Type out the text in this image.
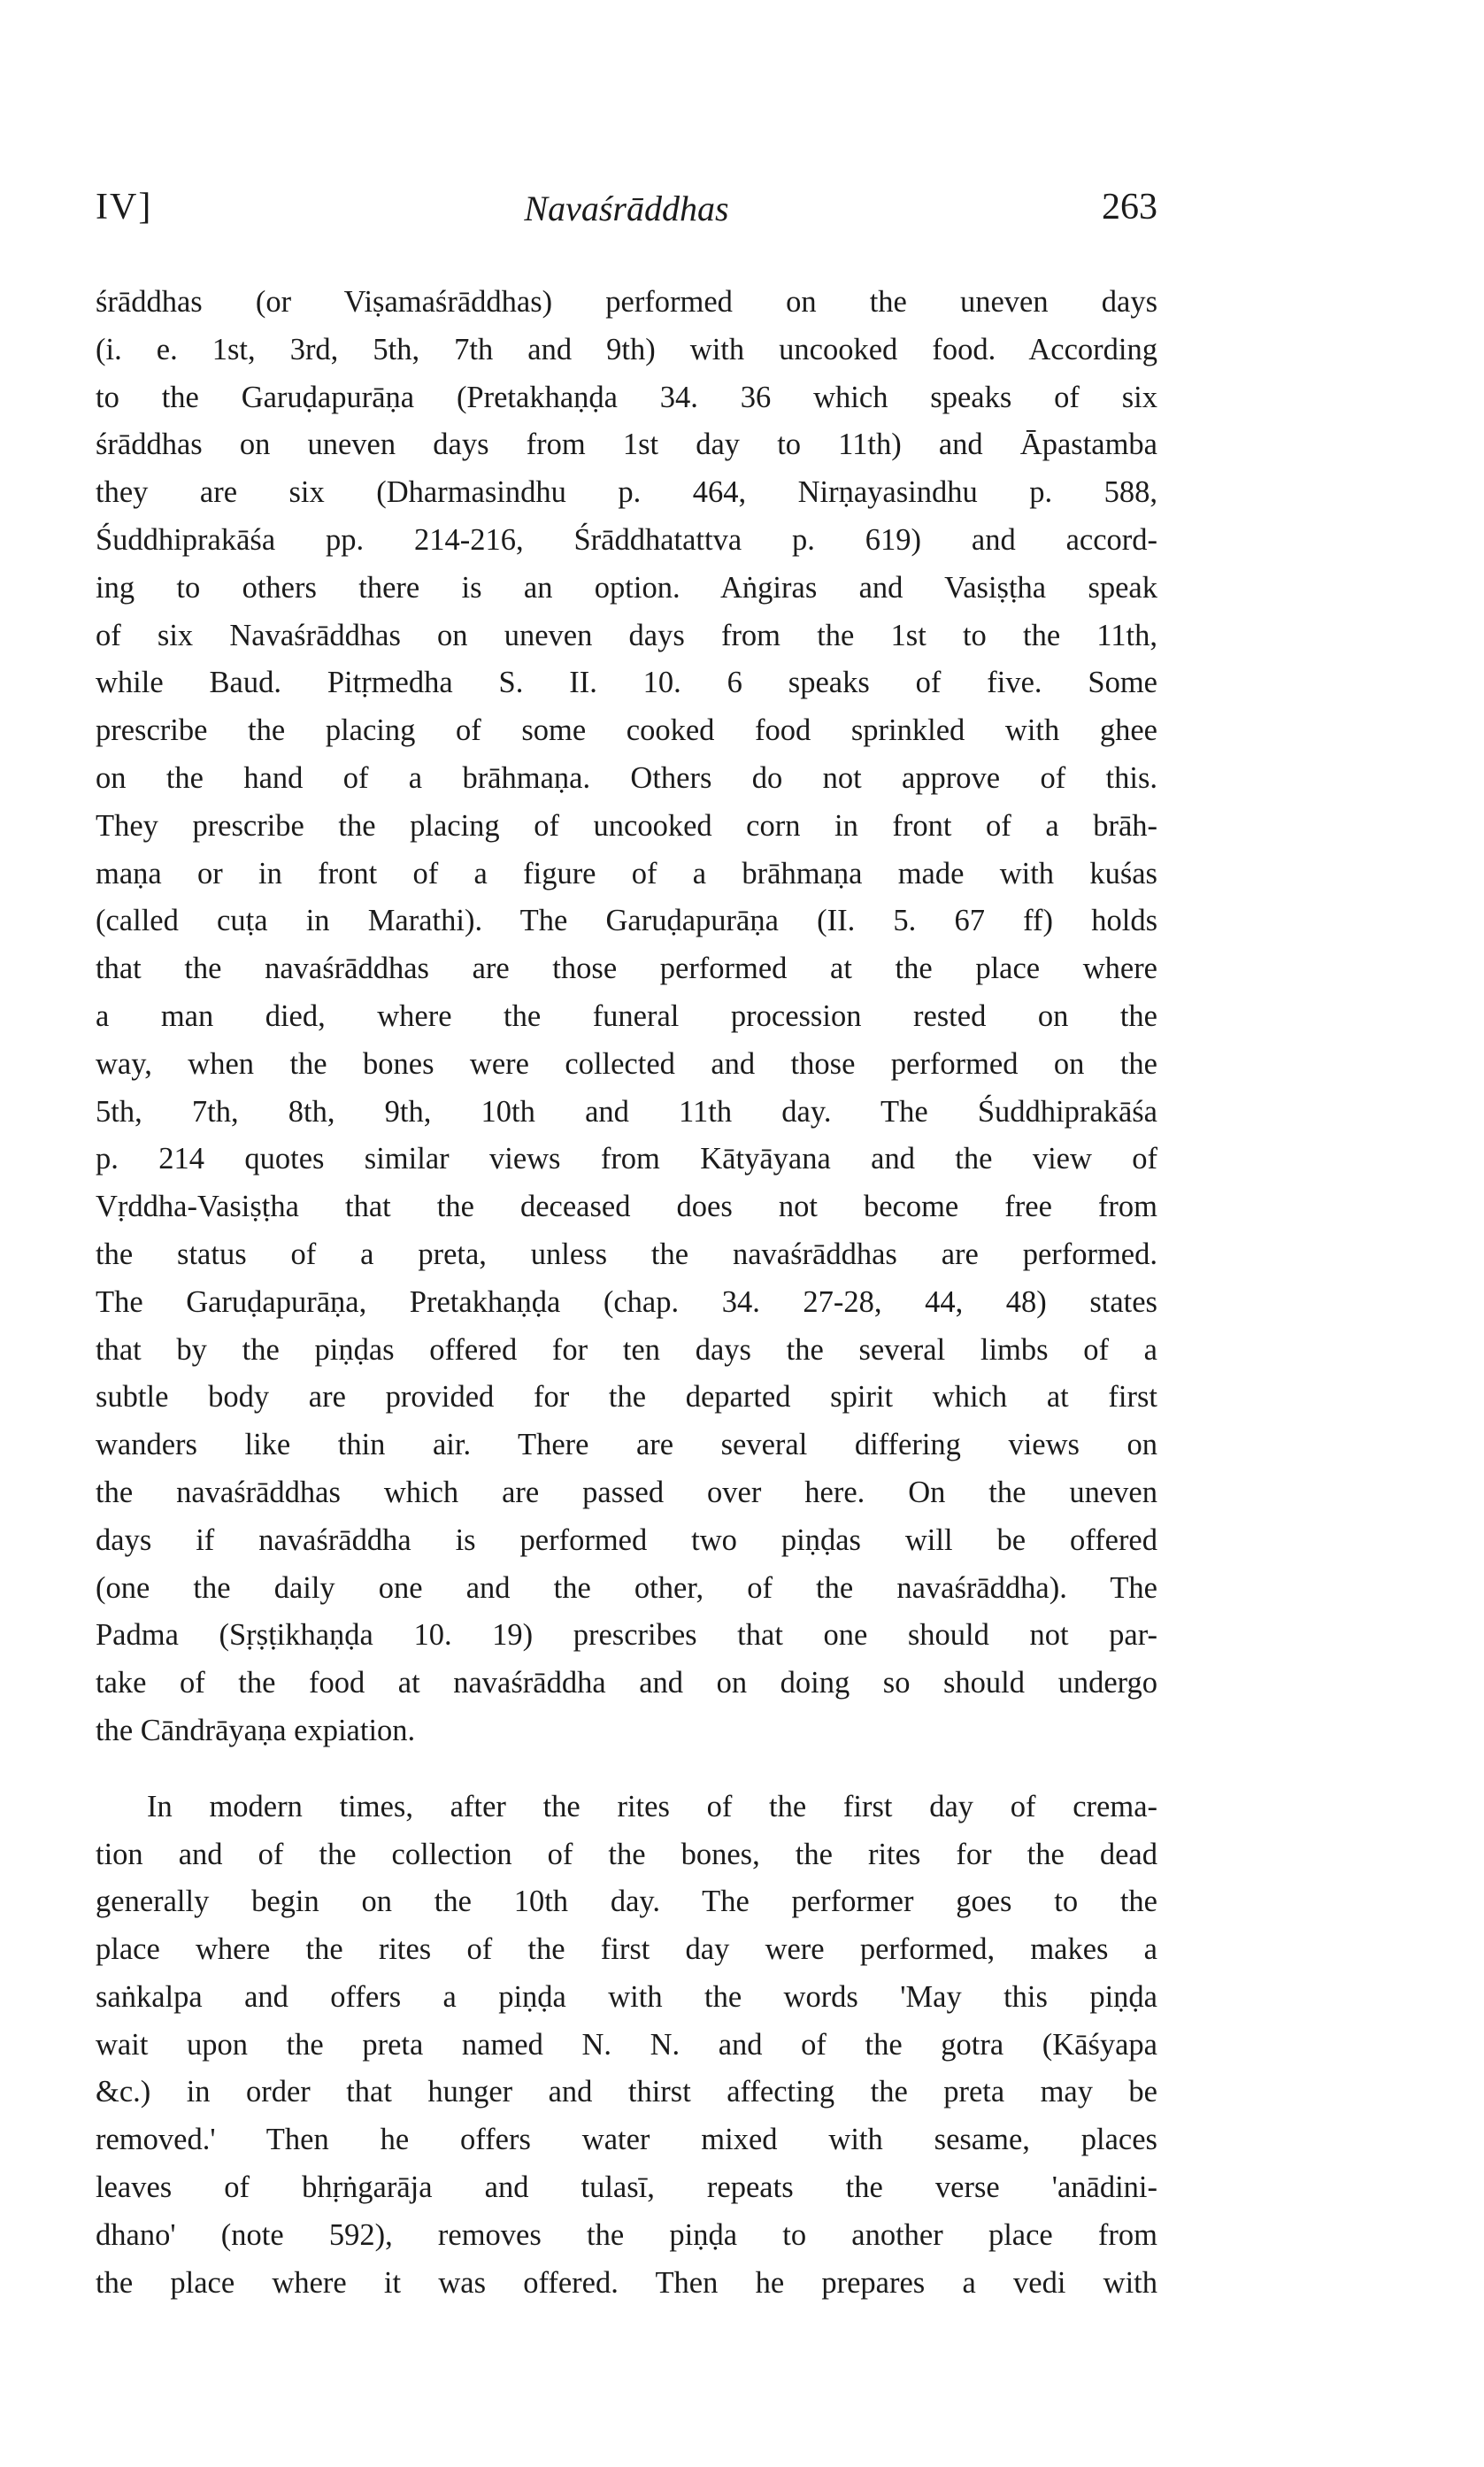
IV]	Navaśrāddhas	263
śrāddhas (or Viṣamaśrāddhas) performed on the uneven days
(i. e. 1st, 3rd, 5th, 7th and 9th) with uncooked food. According
to the Garuḍapurāṇa (Pretakhaṇḍa 34. 36 which speaks of six
śrāddhas on uneven days from 1st day to 11th) and Āpastamba
they are six (Dharmasindhu p. 464, Nirṇayasindhu p. 588,
Śuddhiprakāśa pp. 214-216, Śrāddhatattva p. 619) and accord-
ing to others there is an option. Aṅgiras and Vasiṣṭha speak
of six Navaśrāddhas on uneven days from the 1st to the 11th,
while Baud. Pitṛmedha S. II. 10. 6 speaks of five. Some
prescribe the placing of some cooked food sprinkled with ghee
on the hand of a brāhmaṇa. Others do not approve of this.
They prescribe the placing of uncooked corn in front of a brāh-
maṇa or in front of a figure of a brāhmaṇa made with kuśas
(called cuṭa in Marathi). The Garuḍapurāṇa (II. 5. 67 ff) holds
that the navaśrāddhas are those performed at the place where
a man died, where the funeral procession rested on the
way, when the bones were collected and those performed on the
5th, 7th, 8th, 9th, 10th and 11th day. The Śuddhiprakāśa
p. 214 quotes similar views from Kātyāyana and the view of
Vṛddha-Vasiṣṭha that the deceased does not become free from
the status of a preta, unless the navaśrāddhas are performed.
The Garuḍapurāṇa, Pretakhaṇḍa (chap. 34. 27-28, 44, 48) states
that by the piṇḍas offered for ten days the several limbs of a
subtle body are provided for the departed spirit which at first
wanders like thin air. There are several differing views on
the navaśrāddhas which are passed over here. On the uneven
days if navaśrāddha is performed two piṇḍas will be offered
(one the daily one and the other, of the navaśrāddha). The
Padma (Sṛṣṭikhaṇḍa 10. 19) prescribes that one should not par-
take of the food at navaśrāddha and on doing so should undergo
the Cāndrāyaṇa expiation.
In modern times, after the rites of the first day of crema-
tion and of the collection of the bones, the rites for the dead
generally begin on the 10th day. The performer goes to the
place where the rites of the first day were performed, makes a
saṅkalpa and offers a piṇḍa with the words 'May this piṇḍa
wait upon the preta named N. N. and of the gotra (Kāśyapa
&c.) in order that hunger and thirst affecting the preta may be
removed.' Then he offers water mixed with sesame, places
leaves of bhṛṅgarāja and tulasī, repeats the verse 'anādini-
dhano' (note 592), removes the piṇḍa to another place from
the place where it was offered. Then he prepares a vedi with
